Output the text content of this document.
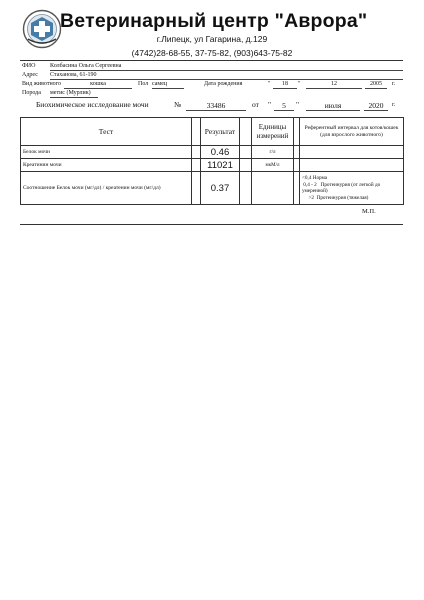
Ветеринарный центр "Аврора"
г.Липецк, ул Гагарина, д.129
(4742)28-68-55, 37-75-82, (903)643-75-82
ФИО Колбасина Ольга Сергеевна
Адрес Стаханова, 61-190
Вид животного	кошка	Пол самец	Дата рождения	"	18	"	12	2005	г.
Порода метис (Мурлик)
Биохимическое исследование мочи	№	33486	от "	5	"	июля	2020	г.
Тест		Результат		Единицы измерений		Референтный интервал для котов/кошек (для взрослого животного)
Белок мочи		0.46		г/л		
Креатинин мочи		11021		мкМ/л		
Соотношение Белок мочи (мг/дл) / креатенин мочи (мг/дл)		0.37				<0,4 Норма
0,4 - 2   Протеинурия (от легкой до умеренной)
>2  Протеинурия (тяжелая)
М.П.
